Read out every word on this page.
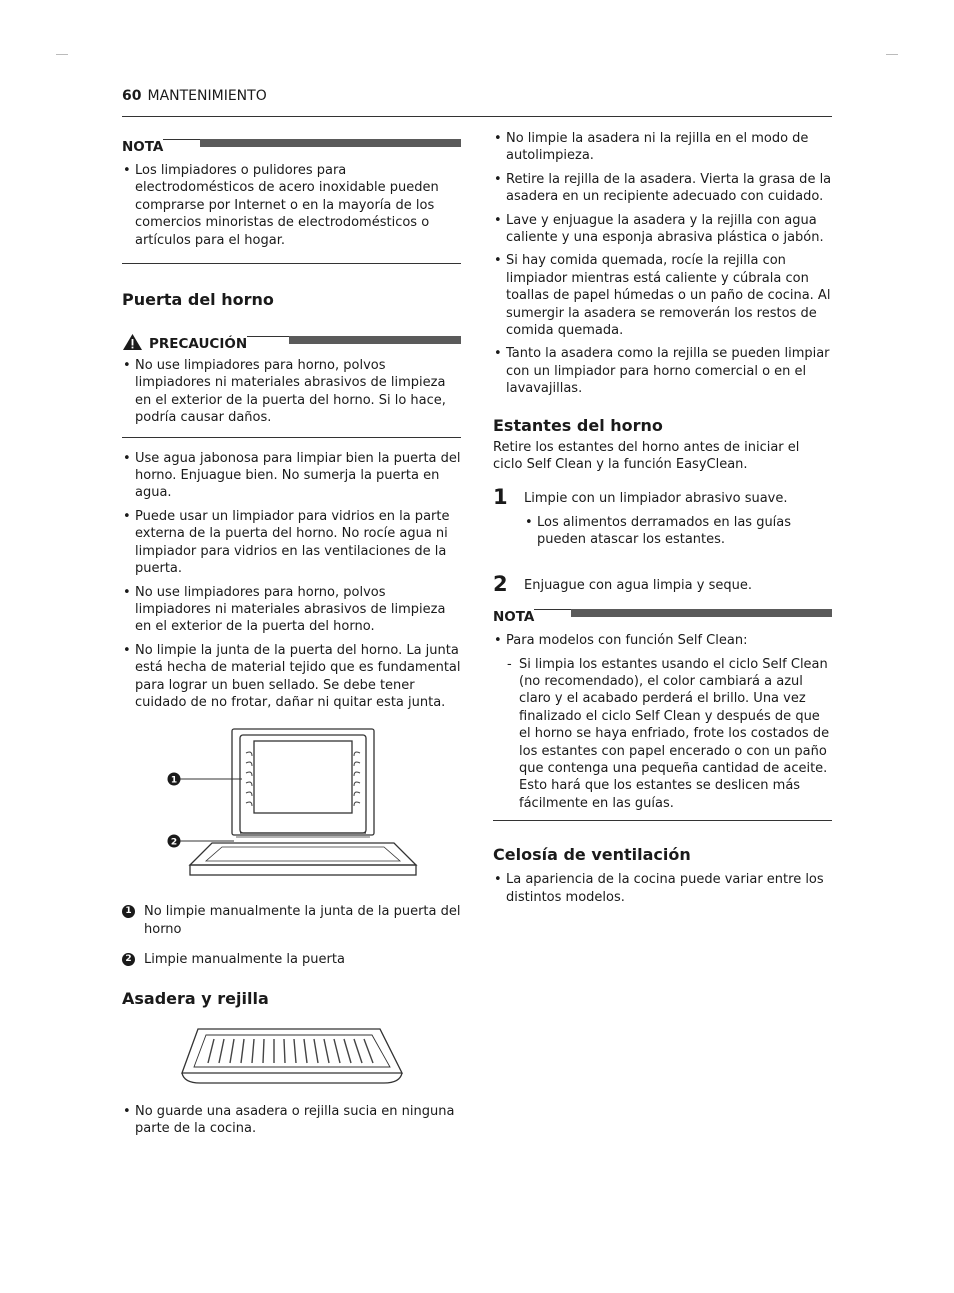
60 MANTENIMIENTO
NOTA
• Los limpiadores o pulidores para electrodomésticos de acero inoxidable pueden comprarse por Internet o en la mayoría de los comercios minoristas de electrodomésticos o artículos para el hogar.
Puerta del horno
PRECAUCIÓN
• No use limpiadores para horno, polvos limpiadores ni materiales abrasivos de limpieza en el exterior de la puerta del horno. Si lo hace, podría causar daños.
• Use agua jabonosa para limpiar bien la puerta del horno. Enjuague bien. No sumerja la puerta en agua.
• Puede usar un limpiador para vidrios en la parte externa de la puerta del horno. No rocíe agua ni limpiador para vidrios en las ventilaciones de la puerta.
• No use limpiadores para horno, polvos limpiadores ni materiales abrasivos de limpieza en el exterior de la puerta del horno.
• No limpie la junta de la puerta del horno. La junta está hecha de material tejido que es fundamental para lograr un buen sellado. Se debe tener cuidado de no frotar, dañar ni quitar esta junta.
1
2
1 No limpie manualmente la junta de la puerta del horno
2 Limpie manualmente la puerta
Asadera y rejilla
• No guarde una asadera o rejilla sucia en ninguna parte de la cocina.
• No limpie la asadera ni la rejilla en el modo de autolimpieza.
• Retire la rejilla de la asadera. Vierta la grasa de la asadera en un recipiente adecuado con cuidado.
• Lave y enjuague la asadera y la rejilla con agua caliente y una esponja abrasiva plástica o jabón.
• Si hay comida quemada, rocíe la rejilla con limpiador mientras está caliente y cúbrala con toallas de papel húmedas o un paño de cocina. Al sumergir la asadera se removerán los restos de comida quemada.
• Tanto la asadera como la rejilla se pueden limpiar con un limpiador para horno comercial o en el lavavajillas.
Estantes del horno

Retire los estantes del horno antes de iniciar el ciclo Self Clean y la función EasyClean.

1 Limpie con un limpiador abrasivo suave.

• Los alimentos derramados en las guías pueden atascar los estantes.
2 Enjuague con agua limpia y seque.

NOTA
• Para modelos con función Self Clean:
- Si limpia los estantes usando el ciclo Self Clean (no recomendado), el color cambiará a azul claro y el acabado perderá el brillo. Una vez finalizado el ciclo Self Clean y después de que el horno se haya enfriado, frote los costados de los estantes con papel encerado o con un paño que contenga una pequeña cantidad de aceite. Esto hará que los estantes se deslicen más fácilmente en las guías.
Celosía de ventilación
• La apariencia de la cocina puede variar entre los distintos modelos.
